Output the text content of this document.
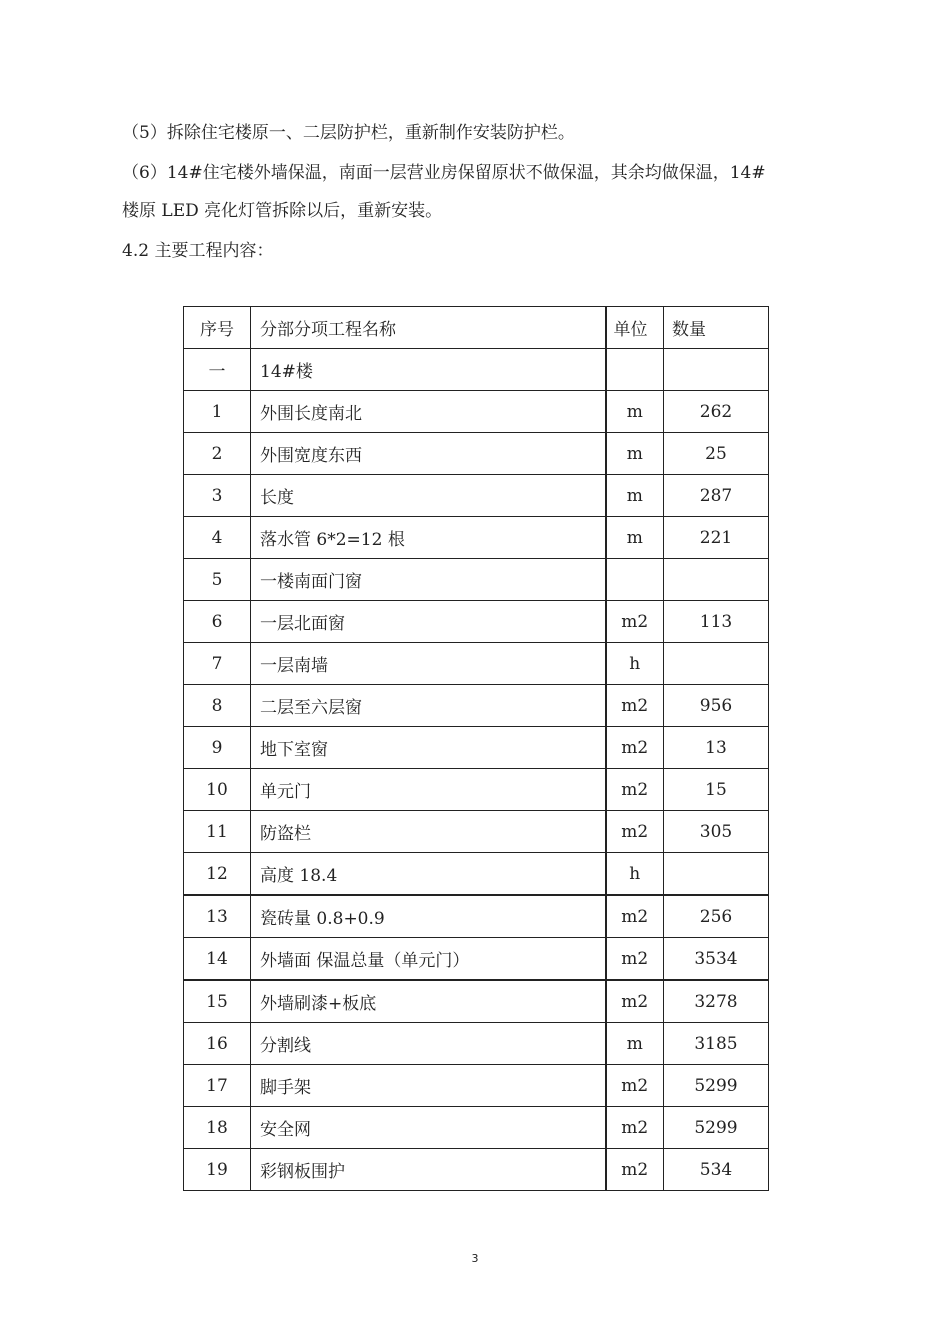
（5）拆除住宅楼原一、二层防护栏，重新制作安装防护栏。
（6）14#住宅楼外墙保温，南面一层营业房保留原状不做保温，其余均做保温，14#
楼原 LED 亮化灯管拆除以后，重新安装。
4.2 主要工程内容：
序号	分部分项工程名称	单位	数量
一	14#楼		
1	外围长度南北	m	262
2	外围宽度东西	m	25
3	长度	m	287
4	落水管 6*2=12 根	m	221
5	一楼南面门窗		
6	一层北面窗	m2	113
7	一层南墙	h	
8	二层至六层窗	m2	956
9	地下室窗	m2	13
10	单元门	m2	15
11	防盗栏	m2	305
12	高度 18.4	h	
13	瓷砖量 0.8+0.9	m2	256
14	外墙面 保温总量（单元门）	m2	3534
15	外墙刷漆+板底	m2	3278
16	分割线	m	3185
17	脚手架	m2	5299
18	安全网	m2	5299
19	彩钢板围护	m2	534
3
